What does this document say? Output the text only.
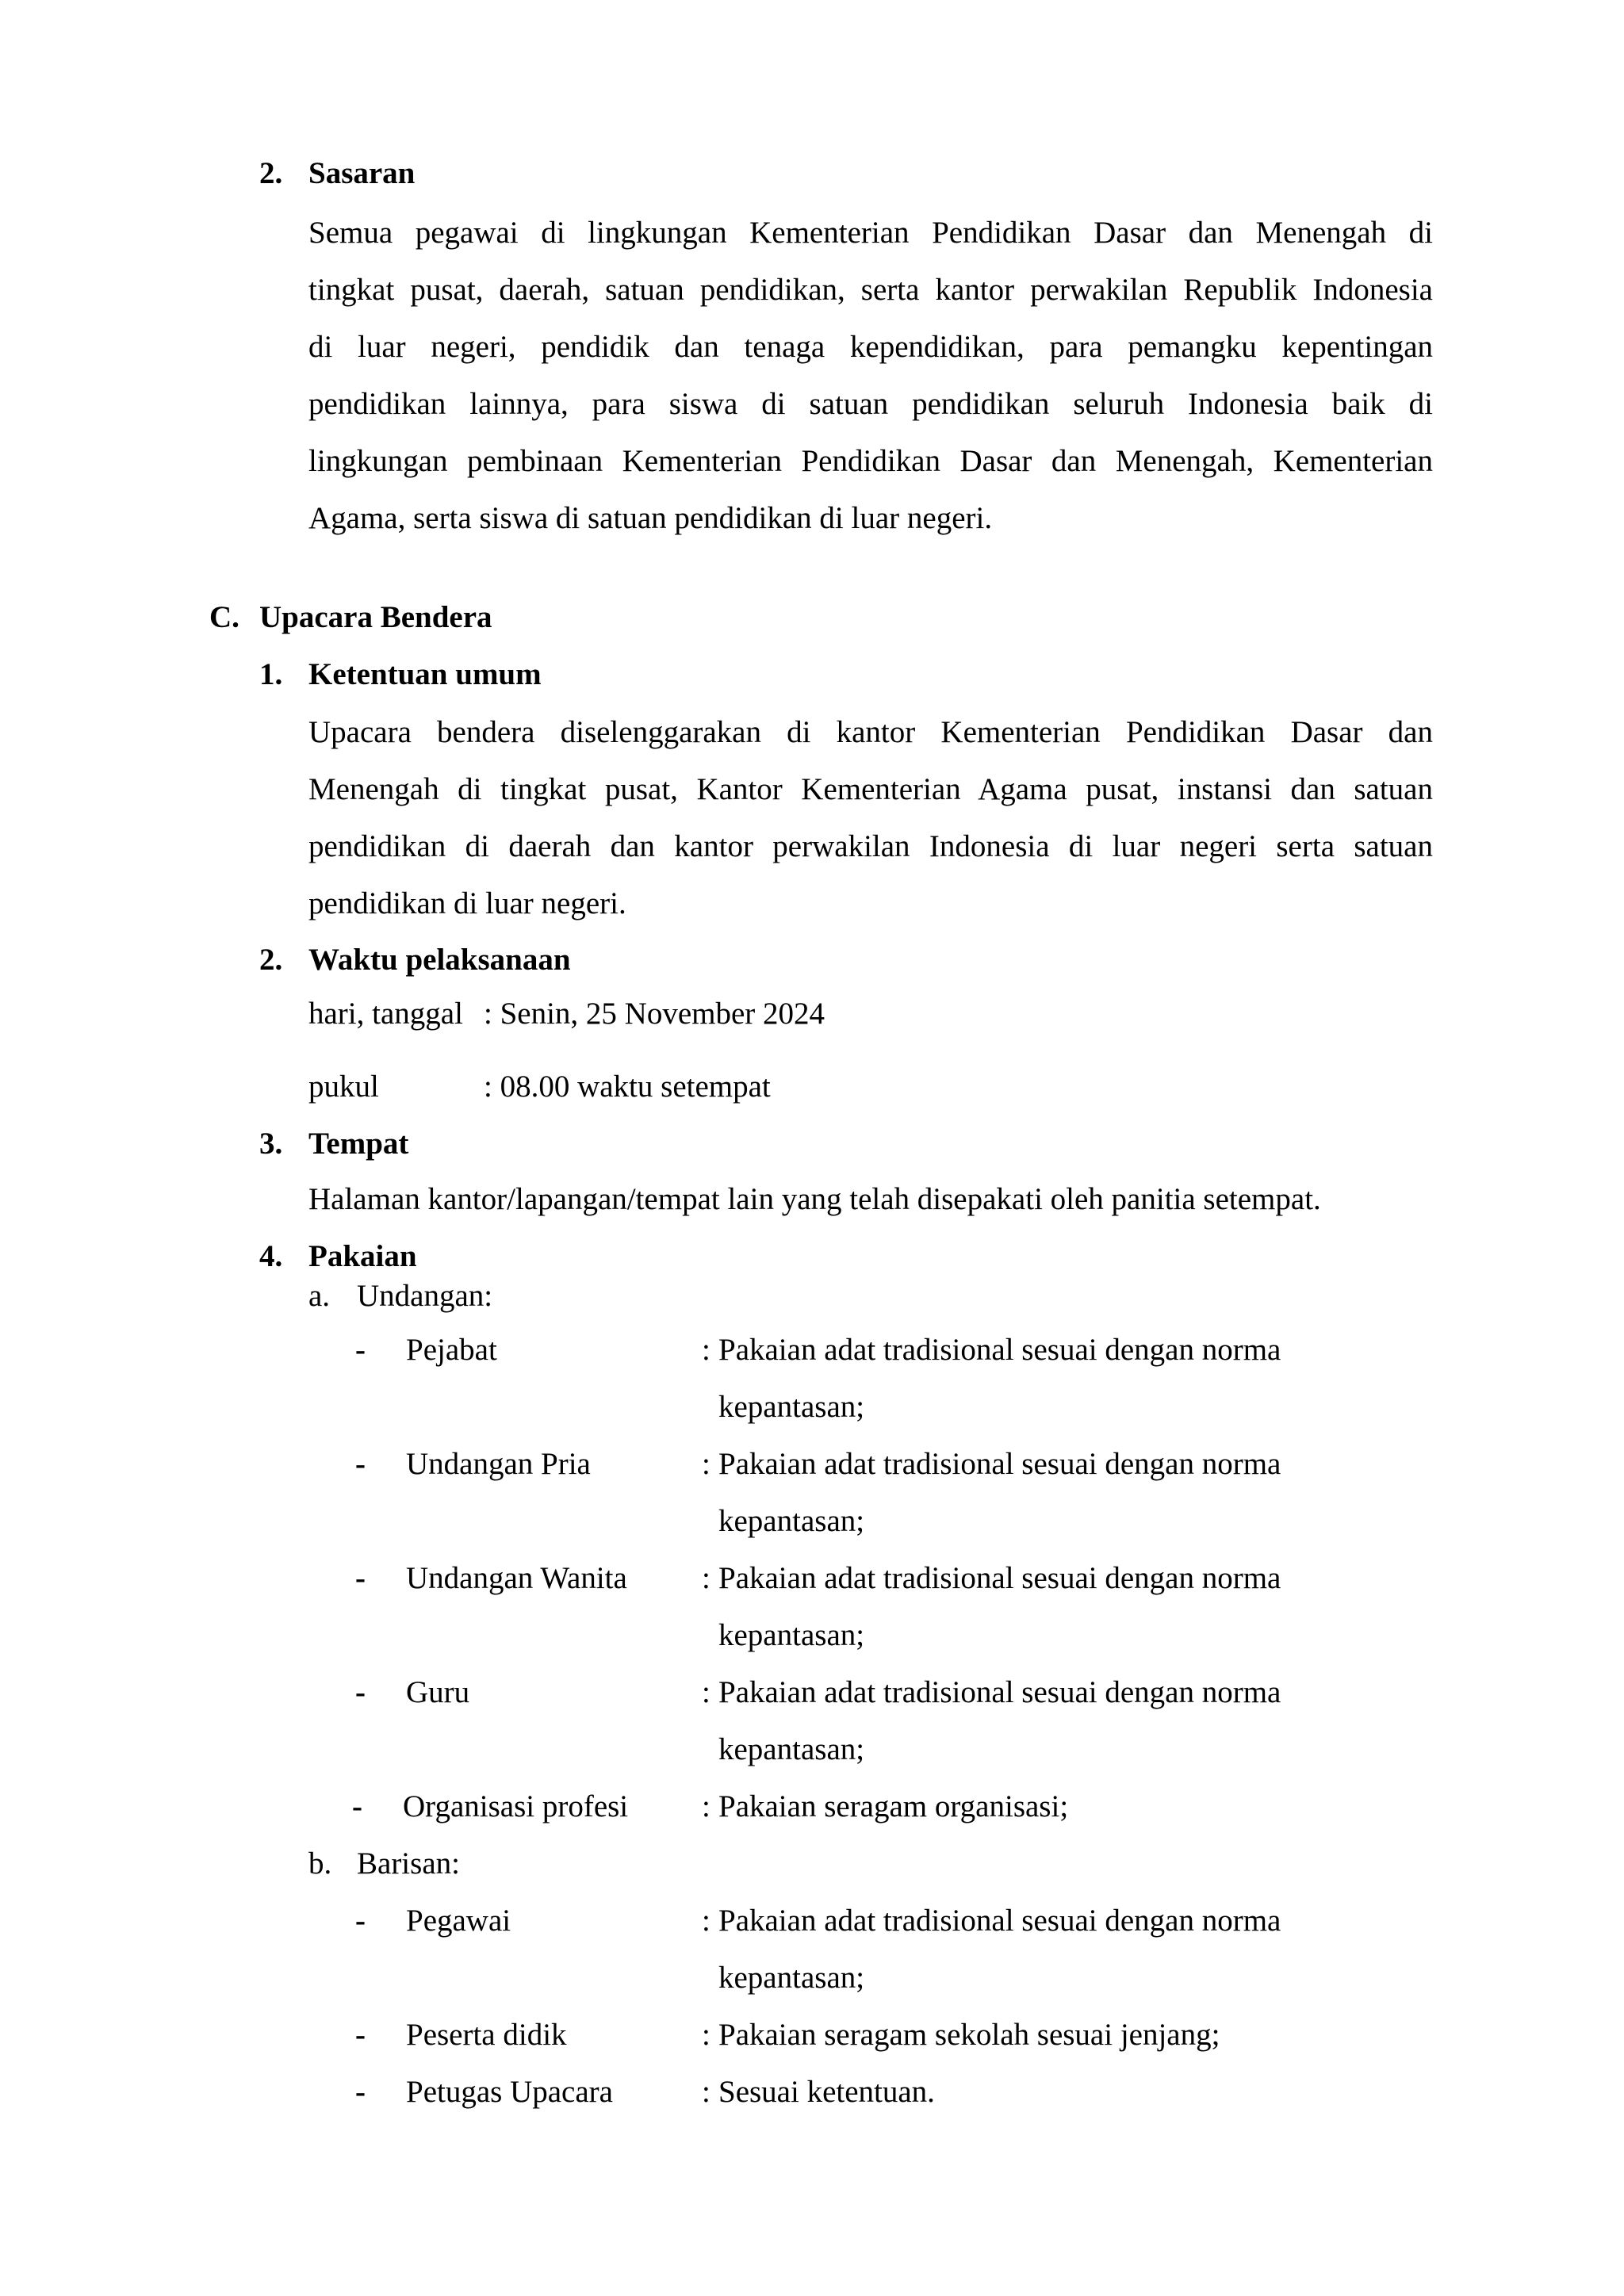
2. Sasaran
Semua pegawai di lingkungan Kementerian Pendidikan Dasar dan Menengah di
tingkat pusat, daerah, satuan pendidikan, serta kantor perwakilan Republik Indonesia
di luar negeri, pendidik dan tenaga kependidikan, para pemangku kepentingan
pendidikan lainnya, para siswa di satuan pendidikan seluruh Indonesia baik di
lingkungan pembinaan Kementerian Pendidikan Dasar dan Menengah, Kementerian
Agama, serta siswa di satuan pendidikan di luar negeri.
C. Upacara Bendera
1. Ketentuan umum
Upacara bendera diselenggarakan di kantor Kementerian Pendidikan Dasar dan
Menengah di tingkat pusat, Kantor Kementerian Agama pusat, instansi dan satuan
pendidikan di daerah dan kantor perwakilan Indonesia di luar negeri serta satuan
pendidikan di luar negeri.
2. Waktu pelaksanaan
hari, tanggal : Senin, 25 November 2024
pukul	: 08.00 waktu setempat
3. Tempat
Halaman kantor/lapangan/tempat lain yang telah disepakati oleh panitia setempat.
4. Pakaian
a. Undangan:
- Pejabat	: Pakaian adat tradisional sesuai dengan norma
kepantasan;
- Undangan Pria	: Pakaian adat tradisional sesuai dengan norma
kepantasan;
- Undangan Wanita : Pakaian adat tradisional sesuai dengan norma
kepantasan;
- Guru	: Pakaian adat tradisional sesuai dengan norma
kepantasan;
- Organisasi profesi : Pakaian seragam organisasi;
b. Barisan:
- Pegawai	: Pakaian adat tradisional sesuai dengan norma
kepantasan;
- Peserta didik	: Pakaian seragam sekolah sesuai jenjang;
- Petugas Upacara	: Sesuai ketentuan.
